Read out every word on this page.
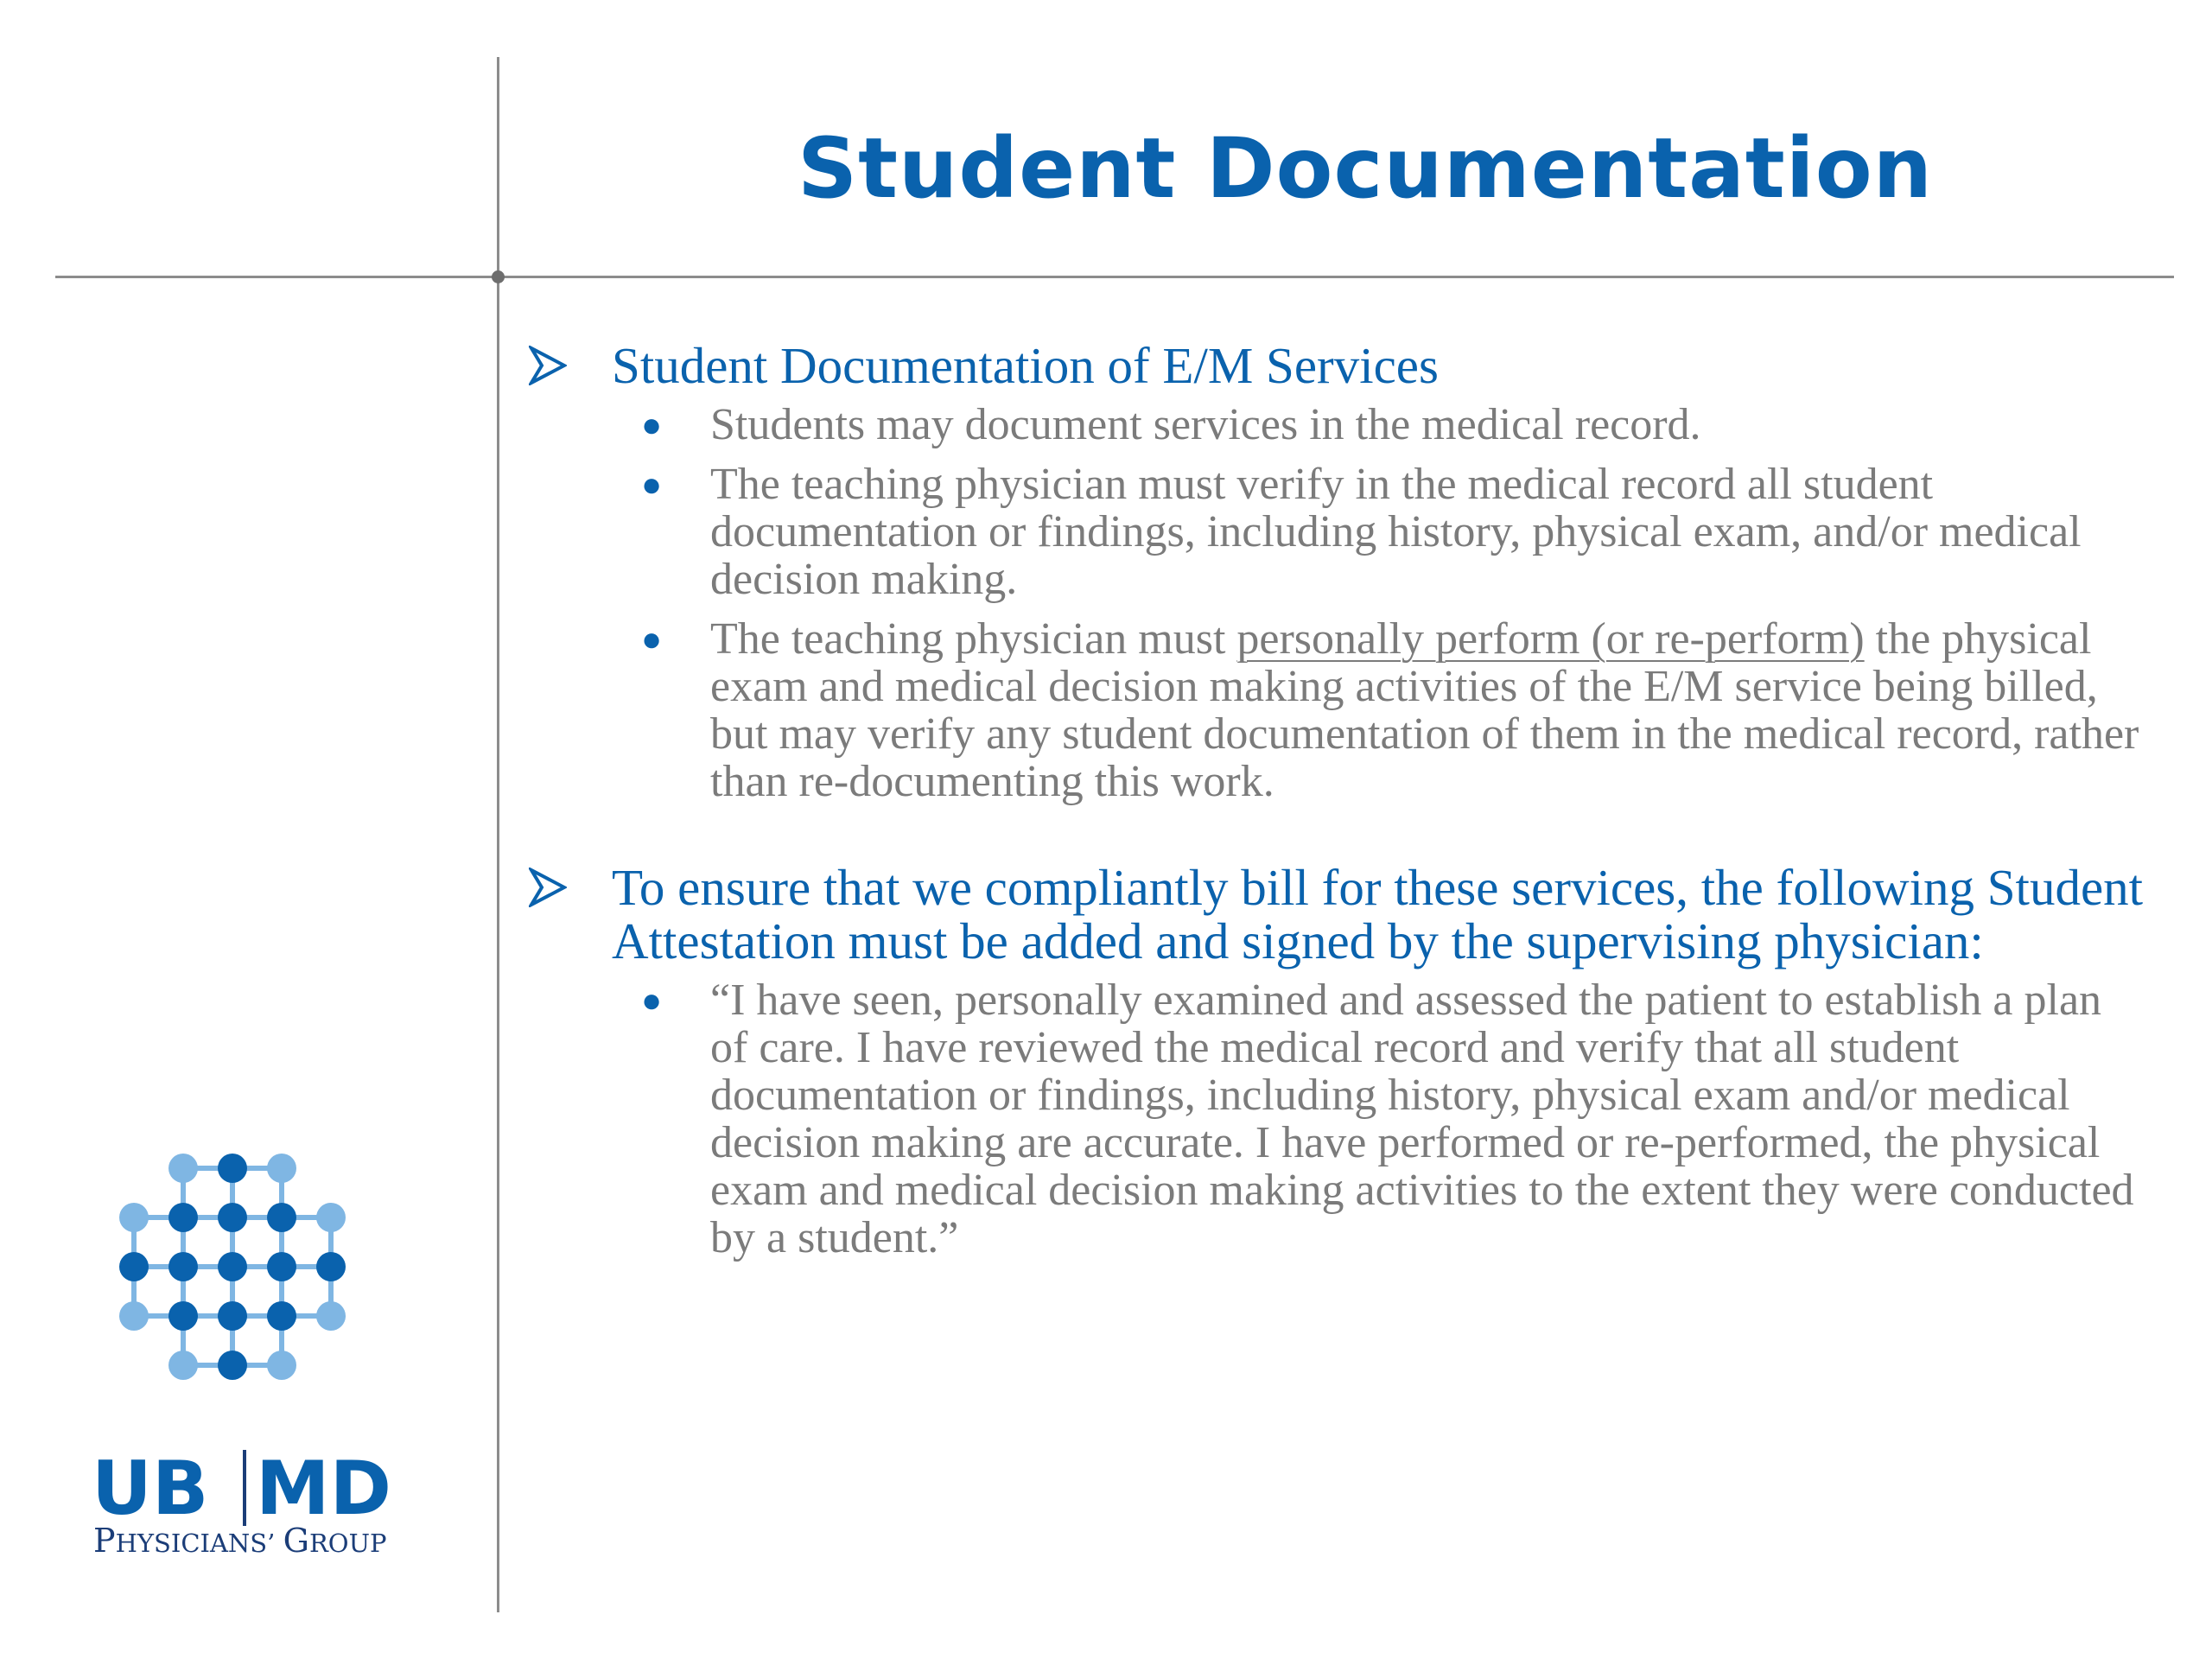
Student Documentation

Student Documentation of E/M Services

● Students may document services in the medical record.
● The teaching physician must verify in the medical record all student documentation or findings, including history, physical exam, and/or medical decision making.
● The teaching physician must personally perform (or re-perform) the physical exam and medical decision making activities of the E/M service being billed, but may verify any student documentation of them in the medical record, rather than re-documenting this work.

To ensure that we compliantly bill for these services, the following Student Attestation must be added and signed by the supervising physician:

● “I have seen, personally examined and assessed the patient to establish a plan of care. I have reviewed the medical record and verify that all student documentation or findings, including history, physical exam and/or medical decision making are accurate. I have performed or re-performed, the physical exam and medical decision making activities to the extent they were conducted by a student.”
UB MD
PHYSICIANS’ GROUP
